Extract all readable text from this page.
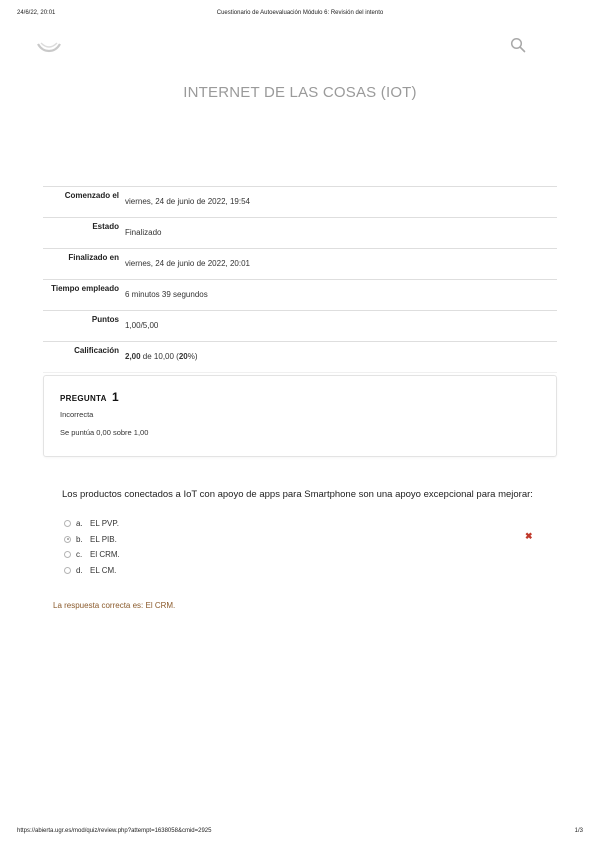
24/6/22, 20:01	Cuestionario de Autoevaluación Módulo 6: Revisión del intento
INTERNET DE LAS COSAS (IOT)
Comenzado el	viernes, 24 de junio de 2022, 19:54
Estado	Finalizado
Finalizado en	viernes, 24 de junio de 2022, 20:01
Tiempo empleado	6 minutos 39 segundos
Puntos	1,00/5,00
Calificación	2,00 de 10,00 (20%)
PREGUNTA 1
Incorrecta
Se puntúa 0,00 sobre 1,00
Los productos conectados a IoT con apoyo de apps para Smartphone son una apoyo excepcional para mejorar:
a. EL PVP.
b. EL PIB.
c. El CRM.
d. EL CM.
✖
La respuesta correcta es: El CRM.
https://abierta.ugr.es/mod/quiz/review.php?attempt=1638058&cmid=2925	1/3
